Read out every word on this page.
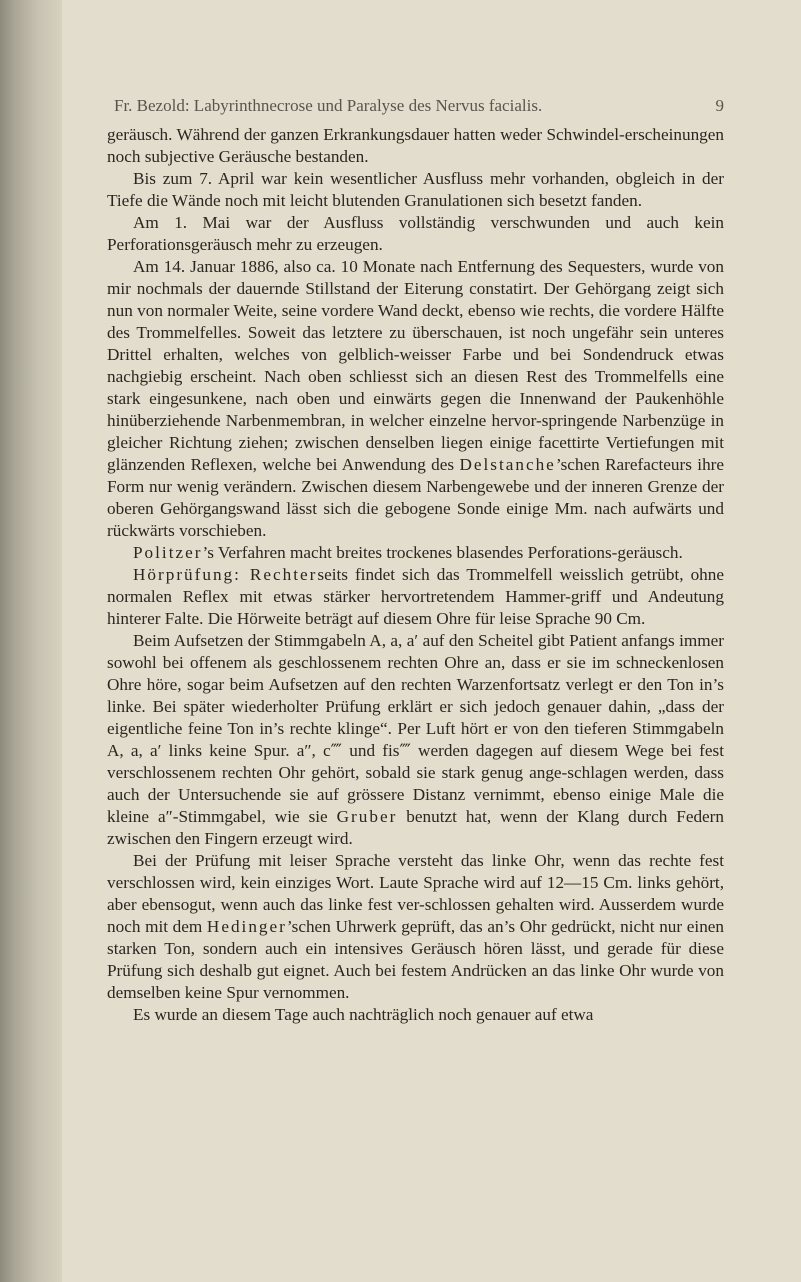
Fr. Bezold: Labyrinthnecrose und Paralyse des Nervus facialis.	9

geräusch. Während der ganzen Erkrankungsdauer hatten weder Schwindel-erscheinungen noch subjective Geräusche bestanden.

Bis zum 7. April war kein wesentlicher Ausfluss mehr vorhanden, obgleich in der Tiefe die Wände noch mit leicht blutenden Granulationen sich besetzt fanden.

Am 1. Mai war der Ausfluss vollständig verschwunden und auch kein Perforationsgeräusch mehr zu erzeugen.

Am 14. Januar 1886, also ca. 10 Monate nach Entfernung des Sequesters, wurde von mir nochmals der dauernde Stillstand der Eiterung constatirt. Der Gehörgang zeigt sich nun von normaler Weite, seine vordere Wand deckt, ebenso wie rechts, die vordere Hälfte des Trommelfelles. Soweit das letztere zu überschauen, ist noch ungefähr sein unteres Drittel erhalten, welches von gelblich-weisser Farbe und bei Sondendruck etwas nachgiebig erscheint. Nach oben schliesst sich an diesen Rest des Trommelfells eine stark eingesunkene, nach oben und einwärts gegen die Innenwand der Paukenhöhle hinüberziehende Narbenmembran, in welcher einzelne hervor-springende Narbenzüge in gleicher Richtung ziehen; zwischen denselben liegen einige facettirte Vertiefungen mit glänzenden Reflexen, welche bei Anwendung des Delstanche’schen Rarefacteurs ihre Form nur wenig verändern. Zwischen diesem Narbengewebe und der inneren Grenze der oberen Gehörgangswand lässt sich die gebogene Sonde einige Mm. nach aufwärts und rückwärts vorschieben.

Politzer’s Verfahren macht breites trockenes blasendes Perforations-geräusch.

Hörprüfung: Rechterseits findet sich das Trommelfell weisslich getrübt, ohne normalen Reflex mit etwas stärker hervortretendem Hammer-griff und Andeutung hinterer Falte. Die Hörweite beträgt auf diesem Ohre für leise Sprache 90 Cm.

Beim Aufsetzen der Stimmgabeln A, a, a′ auf den Scheitel gibt Patient anfangs immer sowohl bei offenem als geschlossenem rechten Ohre an, dass er sie im schneckenlosen Ohre höre, sogar beim Aufsetzen auf den rechten Warzenfortsatz verlegt er den Ton in’s linke. Bei später wiederholter Prüfung erklärt er sich jedoch genauer dahin, „dass der eigentliche feine Ton in’s rechte klinge“. Per Luft hört er von den tieferen Stimmgabeln A, a, a′ links keine Spur. a″, c⁗ und fis⁗ werden dagegen auf diesem Wege bei fest verschlossenem rechten Ohr gehört, sobald sie stark genug ange-schlagen werden, dass auch der Untersuchende sie auf grössere Distanz vernimmt, ebenso einige Male die kleine a″-Stimmgabel, wie sie Gruber benutzt hat, wenn der Klang durch Federn zwischen den Fingern erzeugt wird.

Bei der Prüfung mit leiser Sprache versteht das linke Ohr, wenn das rechte fest verschlossen wird, kein einziges Wort. Laute Sprache wird auf 12—15 Cm. links gehört, aber ebensogut, wenn auch das linke fest ver-schlossen gehalten wird. Ausserdem wurde noch mit dem Hedinger’schen Uhrwerk geprüft, das an’s Ohr gedrückt, nicht nur einen starken Ton, sondern auch ein intensives Geräusch hören lässt, und gerade für diese Prüfung sich deshalb gut eignet. Auch bei festem Andrücken an das linke Ohr wurde von demselben keine Spur vernommen.

Es wurde an diesem Tage auch nachträglich noch genauer auf etwa
